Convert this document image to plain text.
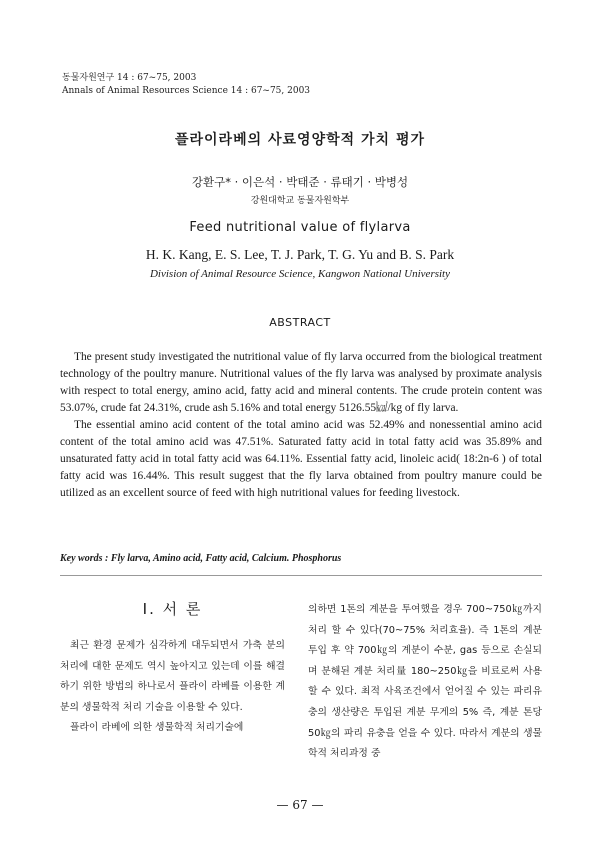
동물자원연구 14 : 67~75, 2003
Annals of Animal Resources Science 14 : 67~75, 2003
플라이라베의 사료영양학적 가치 평가
강환구* · 이은석 · 박태준 · 류태기 · 박병성
강원대학교 동물자원학부
Feed nutritional value of flylarva
H. K. Kang, E. S. Lee, T. J. Park, T. G. Yu and B. S. Park
Division of Animal Resource Science, Kangwon National University
ABSTRACT

The present study investigated the nutritional value of fly larva occurred from the biological treatment technology of the poultry manure. Nutritional values of the fly larva was analysed by proximate analysis with respect to total energy, amino acid, fatty acid and mineral contents. The crude protein content was 53.07%, crude fat 24.31%, crude ash 5.16% and total energy 5126.55㎉/kg of fly larva.

The essential amino acid content of the total amino acid was 52.49% and nonessential amino acid content of the total amino acid was 47.51%. Saturated fatty acid in total fatty acid was 35.89% and unsaturated fatty acid in total fatty acid was 64.11%. Essential fatty acid, linoleic acid( 18:2n-6 ) of total fatty acid was 16.44%. This result suggest that the fly larva obtained from poultry manure could be utilized as an excellent source of feed with high nutritional values for feeding livestock.

Key words : Fly larva, Amino acid, Fatty acid, Calcium. Phosphorus
Ⅰ. 서 론

최근 환경 문제가 심각하게 대두되면서 가축 분의 처리에 대한 문제도 역시 높아지고 있는데 이를 해결하기 위한 방법의 하나로서 플라이 라베를 이용한 계분의 생물학적 처리 기술을 이용할 수 있다.

플라이 라베에 의한 생물학적 처리기술에

의하면 1톤의 계분을 투여했을 경우 700~750㎏까지 처리 할 수 있다(70~75% 처리효율). 즉 1톤의 계분 투입 후 약 700㎏의 계분이 수분, gas 등으로 손실되며 분해된 계분 처리量 180~250㎏을 비료로써 사용할 수 있다. 최적 사육조건에서 얻어질 수 있는 파리유충의 생산량은 투입된 계분 무게의 5% 즉, 계분 톤당 50㎏의 파리 유충을 얻을 수 있다. 따라서 계분의 생물학적 처리과정 중

— 67 —
